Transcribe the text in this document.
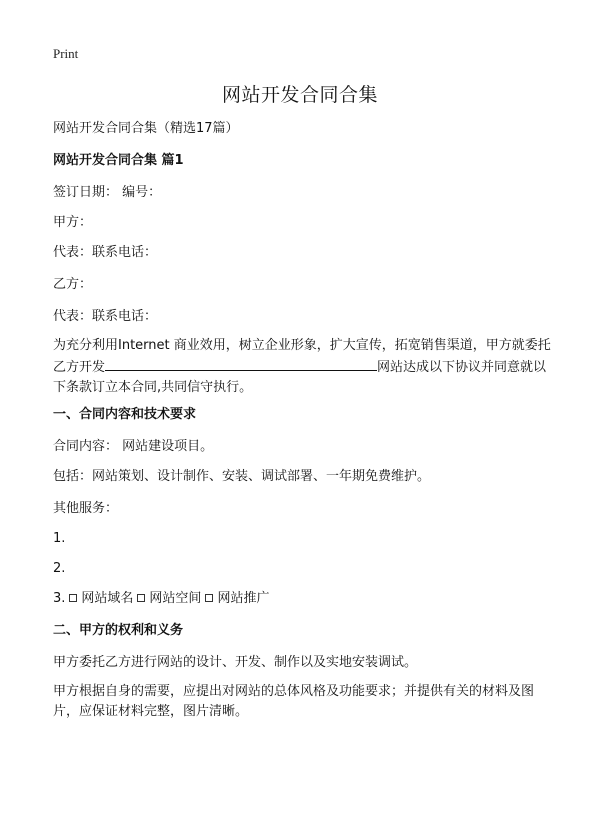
Print
网站开发合同合集
网站开发合同合集（精选17篇）
网站开发合同合集 篇1
签订日期： 编号：
甲方：
代表：联系电话：
乙方：
代表：联系电话：
为充分利用Internet 商业效用，树立企业形象，扩大宣传，拓宽销售渠道，甲方就委托乙方开发	网站达成以下协议并同意就以下条款订立本合同,共同信守执行。
一、合同内容和技术要求
合同内容： 网站建设项目。
包括：网站策划、设计制作、安装、调试部署、一年期免费维护。
其他服务：
1.
2.
3. 网站域名 网站空间 网站推广
二、甲方的权利和义务
甲方委托乙方进行网站的设计、开发、制作以及实地安装调试。
甲方根据自身的需要，应提出对网站的总体风格及功能要求；并提供有关的材料及图片，应保证材料完整，图片清晰。
